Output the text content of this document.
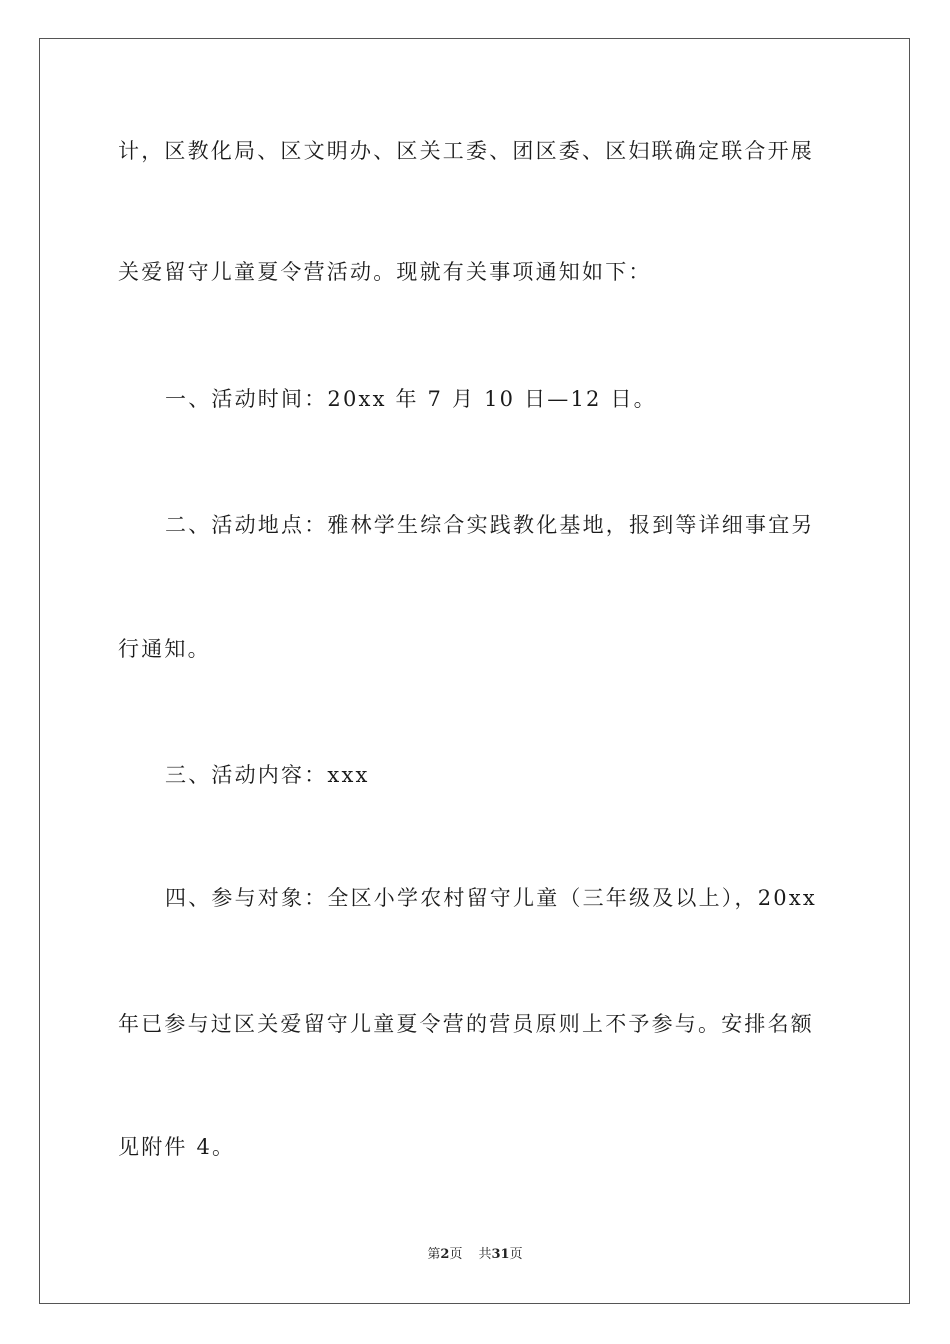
计，区教化局、区文明办、区关工委、团区委、区妇联确定联合开展
关爱留守儿童夏令营活动。现就有关事项通知如下：
一、活动时间：20xx 年 7 月 10 日—12 日。
二、活动地点：雅林学生综合实践教化基地，报到等详细事宜另
行通知。
三、活动内容：xxx
四、参与对象：全区小学农村留守儿童（三年级及以上），20xx
年已参与过区关爱留守儿童夏令营的营员原则上不予参与。安排名额
见附件 4。
第2页 共31页
